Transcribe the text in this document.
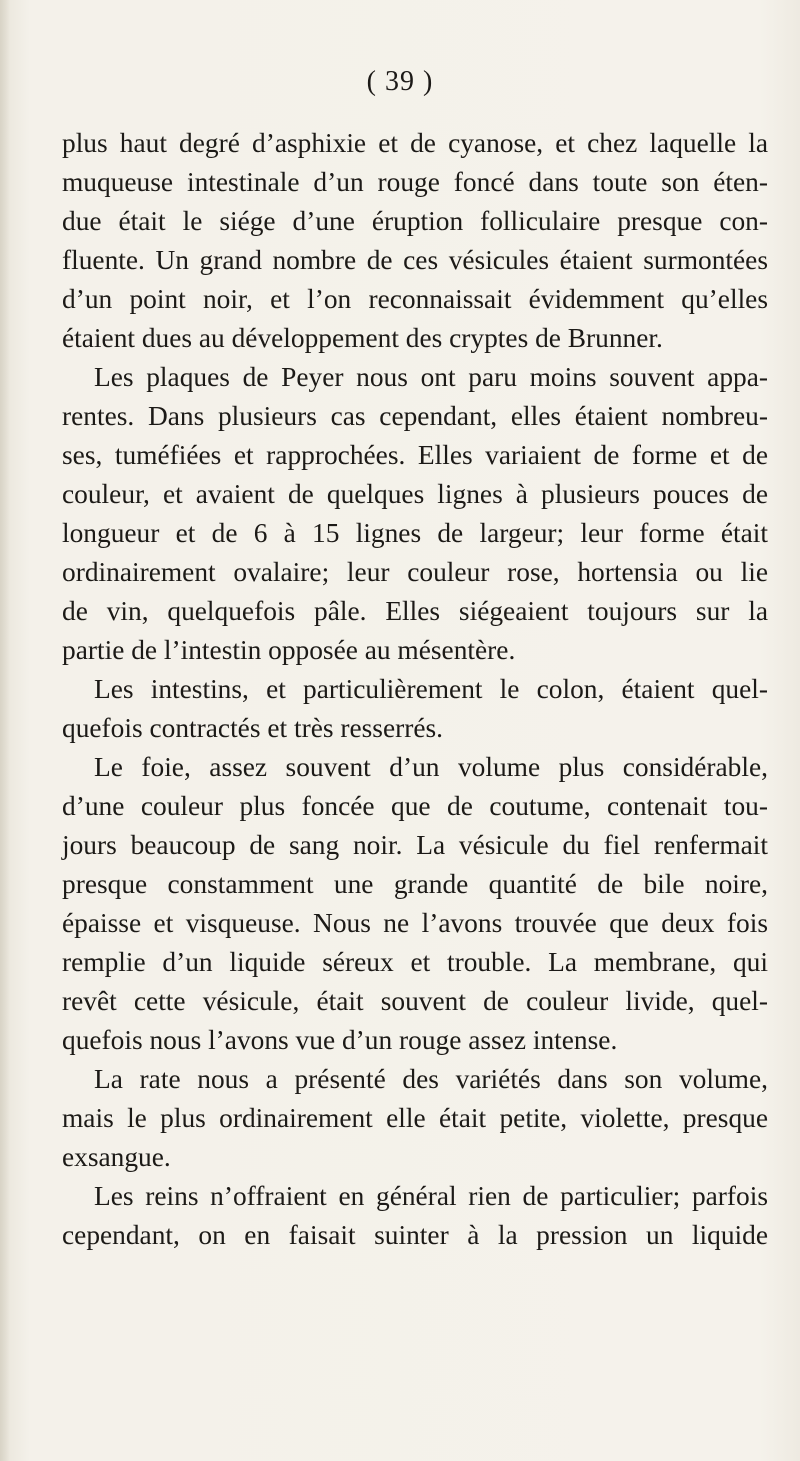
( 39 )
plus haut degré d’asphixie et de cyanose, et chez laquelle la
muqueuse intestinale d’un rouge foncé dans toute son éten-
due était le siége d’une éruption folliculaire presque con-
fluente. Un grand nombre de ces vésicules étaient surmontées
d’un point noir, et l’on reconnaissait évidemment qu’elles
étaient dues au développement des cryptes de Brunner.
Les plaques de Peyer nous ont paru moins souvent appa-
rentes. Dans plusieurs cas cependant, elles étaient nombreu-
ses, tuméfiées et rapprochées. Elles variaient de forme et de
couleur, et avaient de quelques lignes à plusieurs pouces de
longueur et de 6 à 15 lignes de largeur; leur forme était
ordinairement ovalaire; leur couleur rose, hortensia ou lie
de vin, quelquefois pâle. Elles siégeaient toujours sur la
partie de l’intestin opposée au mésentère.
Les intestins, et particulièrement le colon, étaient quel-
quefois contractés et très resserrés.
Le foie, assez souvent d’un volume plus considérable,
d’une couleur plus foncée que de coutume, contenait tou-
jours beaucoup de sang noir. La vésicule du fiel renfermait
presque constamment une grande quantité de bile noire,
épaisse et visqueuse. Nous ne l’avons trouvée que deux fois
remplie d’un liquide séreux et trouble. La membrane, qui
revêt cette vésicule, était souvent de couleur livide, quel-
quefois nous l’avons vue d’un rouge assez intense.
La rate nous a présenté des variétés dans son volume,
mais le plus ordinairement elle était petite, violette, presque
exsangue.
Les reins n’offraient en général rien de particulier; parfois
cependant, on en faisait suinter à la pression un liquide
